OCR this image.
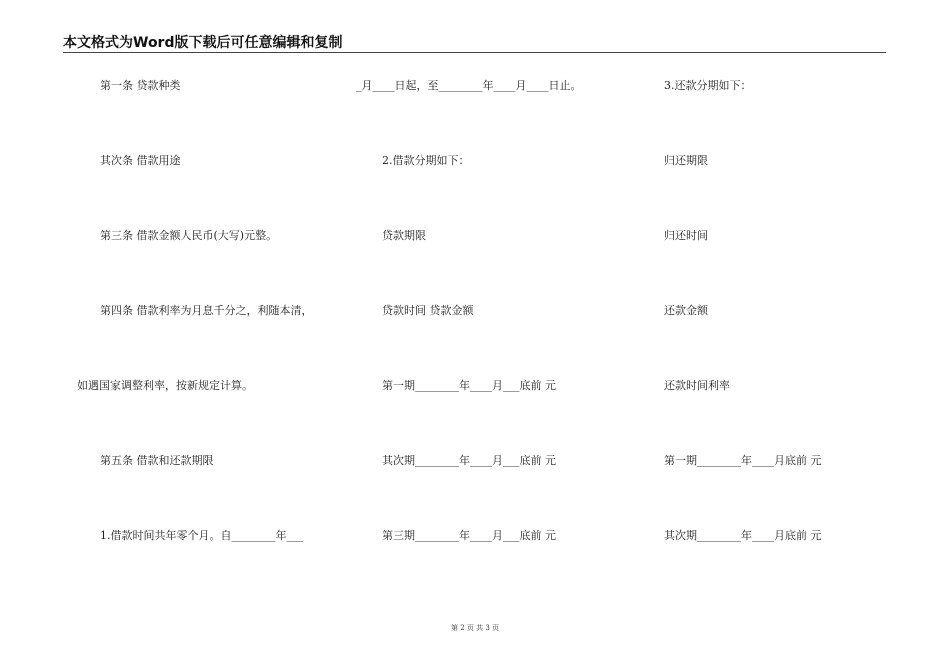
本文格式为Word版下载后可任意编辑和复制
第一条 贷款种类
其次条 借款用途
第三条 借款金额人民币(大写)元整。
第四条 借款利率为月息千分之，利随本清，
如遇国家调整利率，按新规定计算。
第五条 借款和还款期限
1.借款时间共年零个月。自________年___
_月____日起，至________年____月____日止。
2.借款分期如下：
贷款期限
贷款时间 贷款金额
第一期________年____月___底前 元
其次期________年____月___底前 元
第三期________年____月___底前 元
3.还款分期如下：
归还期限
归还时间
还款金额
还款时间利率
第一期________年____月底前 元
其次期________年____月底前 元
第 2 页 共 3 页
